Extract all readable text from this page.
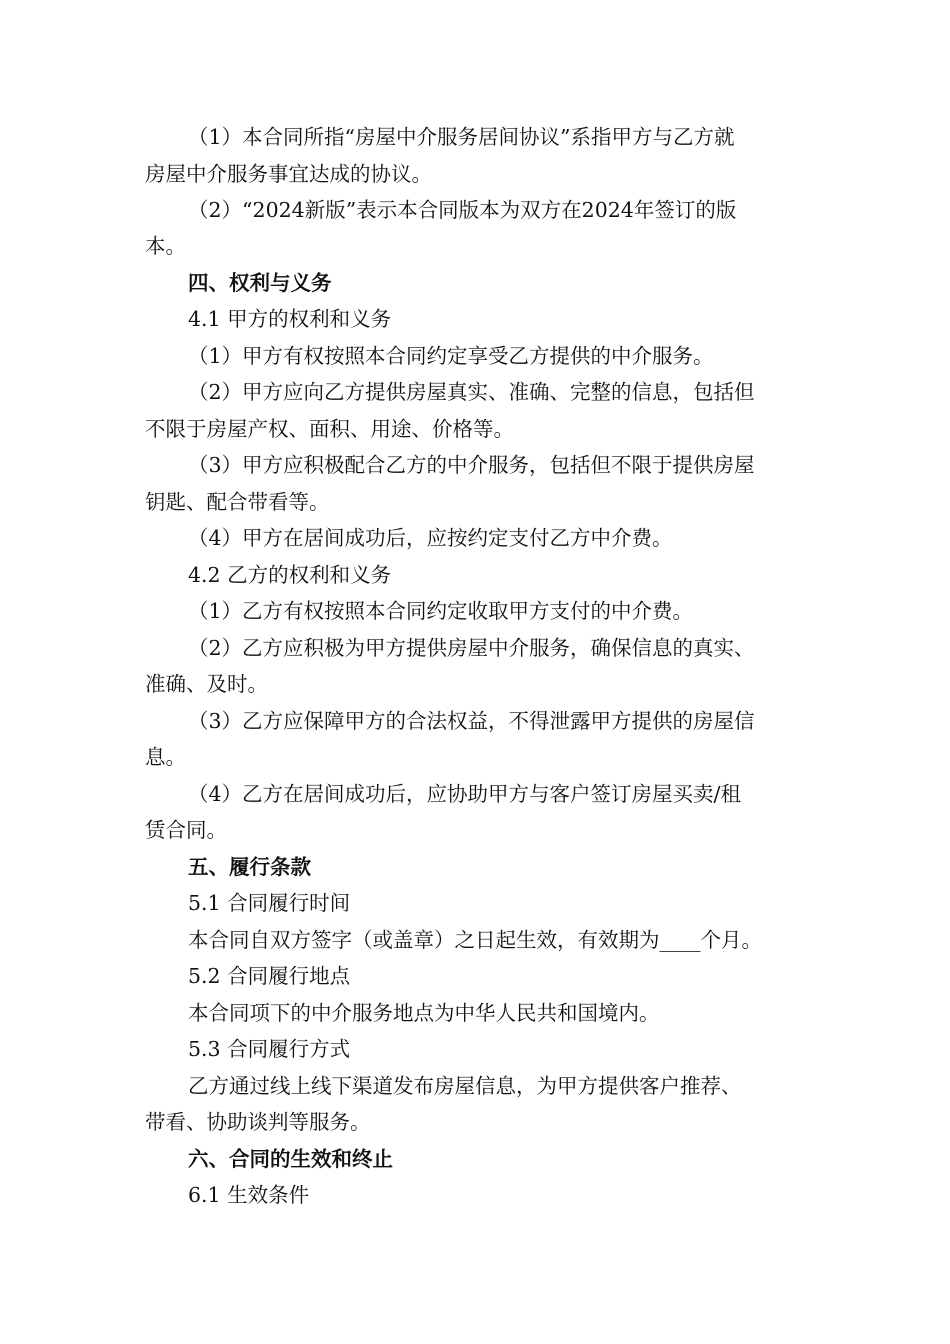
（1）本合同所指“房屋中介服务居间协议”系指甲方与乙方就
房屋中介服务事宜达成的协议。
（2）“2024新版”表示本合同版本为双方在2024年签订的版
本。
四、权利与义务
4.1 甲方的权利和义务
（1）甲方有权按照本合同约定享受乙方提供的中介服务。
（2）甲方应向乙方提供房屋真实、准确、完整的信息，包括但
不限于房屋产权、面积、用途、价格等。
（3）甲方应积极配合乙方的中介服务，包括但不限于提供房屋
钥匙、配合带看等。
（4）甲方在居间成功后，应按约定支付乙方中介费。
4.2 乙方的权利和义务
（1）乙方有权按照本合同约定收取甲方支付的中介费。
（2）乙方应积极为甲方提供房屋中介服务，确保信息的真实、
准确、及时。
（3）乙方应保障甲方的合法权益，不得泄露甲方提供的房屋信
息。
（4）乙方在居间成功后，应协助甲方与客户签订房屋买卖/租
赁合同。
五、履行条款
5.1 合同履行时间
本合同自双方签字（或盖章）之日起生效，有效期为____个月。
5.2 合同履行地点
本合同项下的中介服务地点为中华人民共和国境内。
5.3 合同履行方式
乙方通过线上线下渠道发布房屋信息，为甲方提供客户推荐、
带看、协助谈判等服务。
六、合同的生效和终止
6.1 生效条件
